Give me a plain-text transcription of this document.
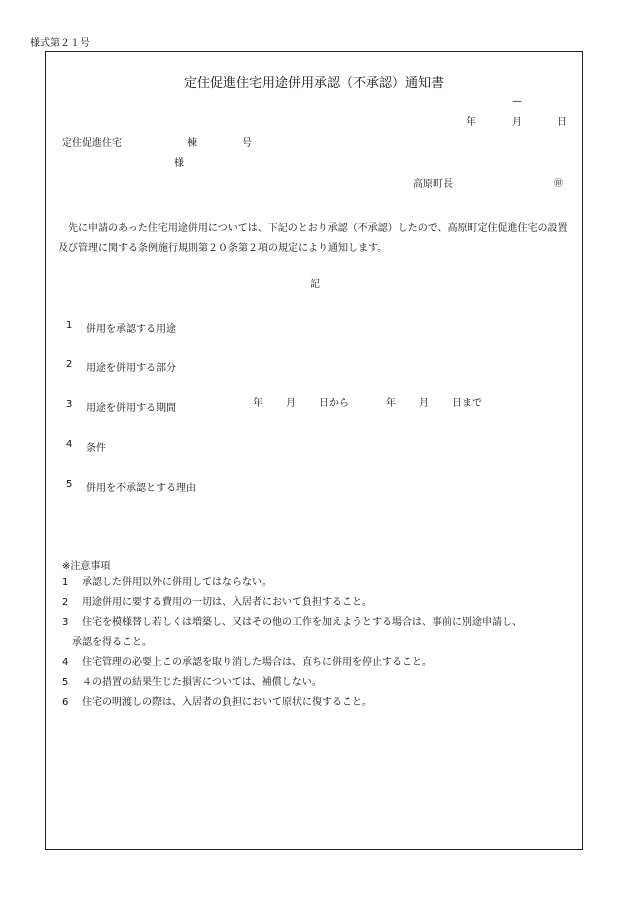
様式第２１号
定住促進住宅用途併用承認（不承認）通知書
—
年	月	日
定住促進住宅	棟	号
様
高原町長	㊞
先に申請のあった住宅用途併用については、下記のとおり承認（不承認）したので、高原町定住促進住宅の設置及び管理に関する条例施行規則第２０条第２項の規定により通知します。
記
1 併用を承認する用途
2 用途を併用する部分
3 用途を併用する期間	年 月 日から	年 月 日まで
4 条件
5 併用を不承認とする理由
※注意事項
1 承認した併用以外に併用してはならない。
2 用途併用に要する費用の一切は、入居者において負担すること。
3 住宅を模様替し若しくは増築し、又はその他の工作を加えようとする場合は、事前に別途申請し、
承認を得ること。
4 住宅管理の必要上この承認を取り消した場合は、直ちに併用を停止すること。
5 ４の措置の結果生じた損害については、補償しない。
6 住宅の明渡しの際は、入居者の負担において原状に復すること。
